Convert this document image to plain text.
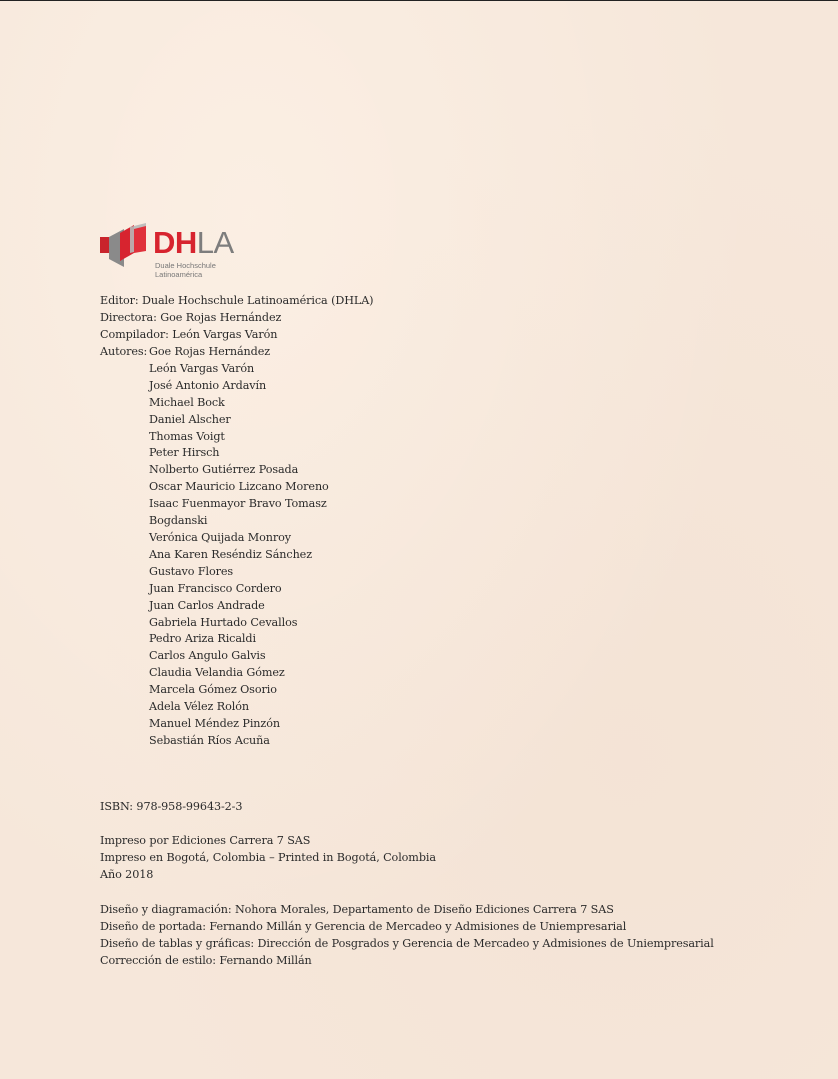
DHLA
Duale Hochschule
Latinoamérica
Editor: Duale Hochschule Latinoamérica (DHLA)
Directora: Goe Rojas Hernández
Compilador: León Vargas Varón
Autores: Goe Rojas Hernández
León Vargas Varón
José Antonio Ardavín
Michael Bock
Daniel Alscher
Thomas Voigt
Peter Hirsch
Nolberto Gutiérrez Posada
Oscar Mauricio Lizcano Moreno
Isaac Fuenmayor Bravo Tomasz
Bogdanski
Verónica Quijada Monroy
Ana Karen Reséndiz Sánchez
Gustavo Flores
Juan Francisco Cordero
Juan Carlos Andrade
Gabriela Hurtado Cevallos
Pedro Ariza Ricaldi
Carlos Angulo Galvis
Claudia Velandia Gómez
Marcela Gómez Osorio
Adela Vélez Rolón
Manuel Méndez Pinzón
Sebastián Ríos Acuña
ISBN: 978-958-99643-2-3
Impreso por Ediciones Carrera 7 SAS
Impreso en Bogotá, Colombia – Printed in Bogotá, Colombia
Año 2018
Diseño y diagramación: Nohora Morales, Departamento de Diseño Ediciones Carrera 7 SAS
Diseño de portada: Fernando Millán y Gerencia de Mercadeo y Admisiones de Uniempresarial
Diseño de tablas y gráficas: Dirección de Posgrados y Gerencia de Mercadeo y Admisiones de Uniempresarial
Corrección de estilo: Fernando Millán
